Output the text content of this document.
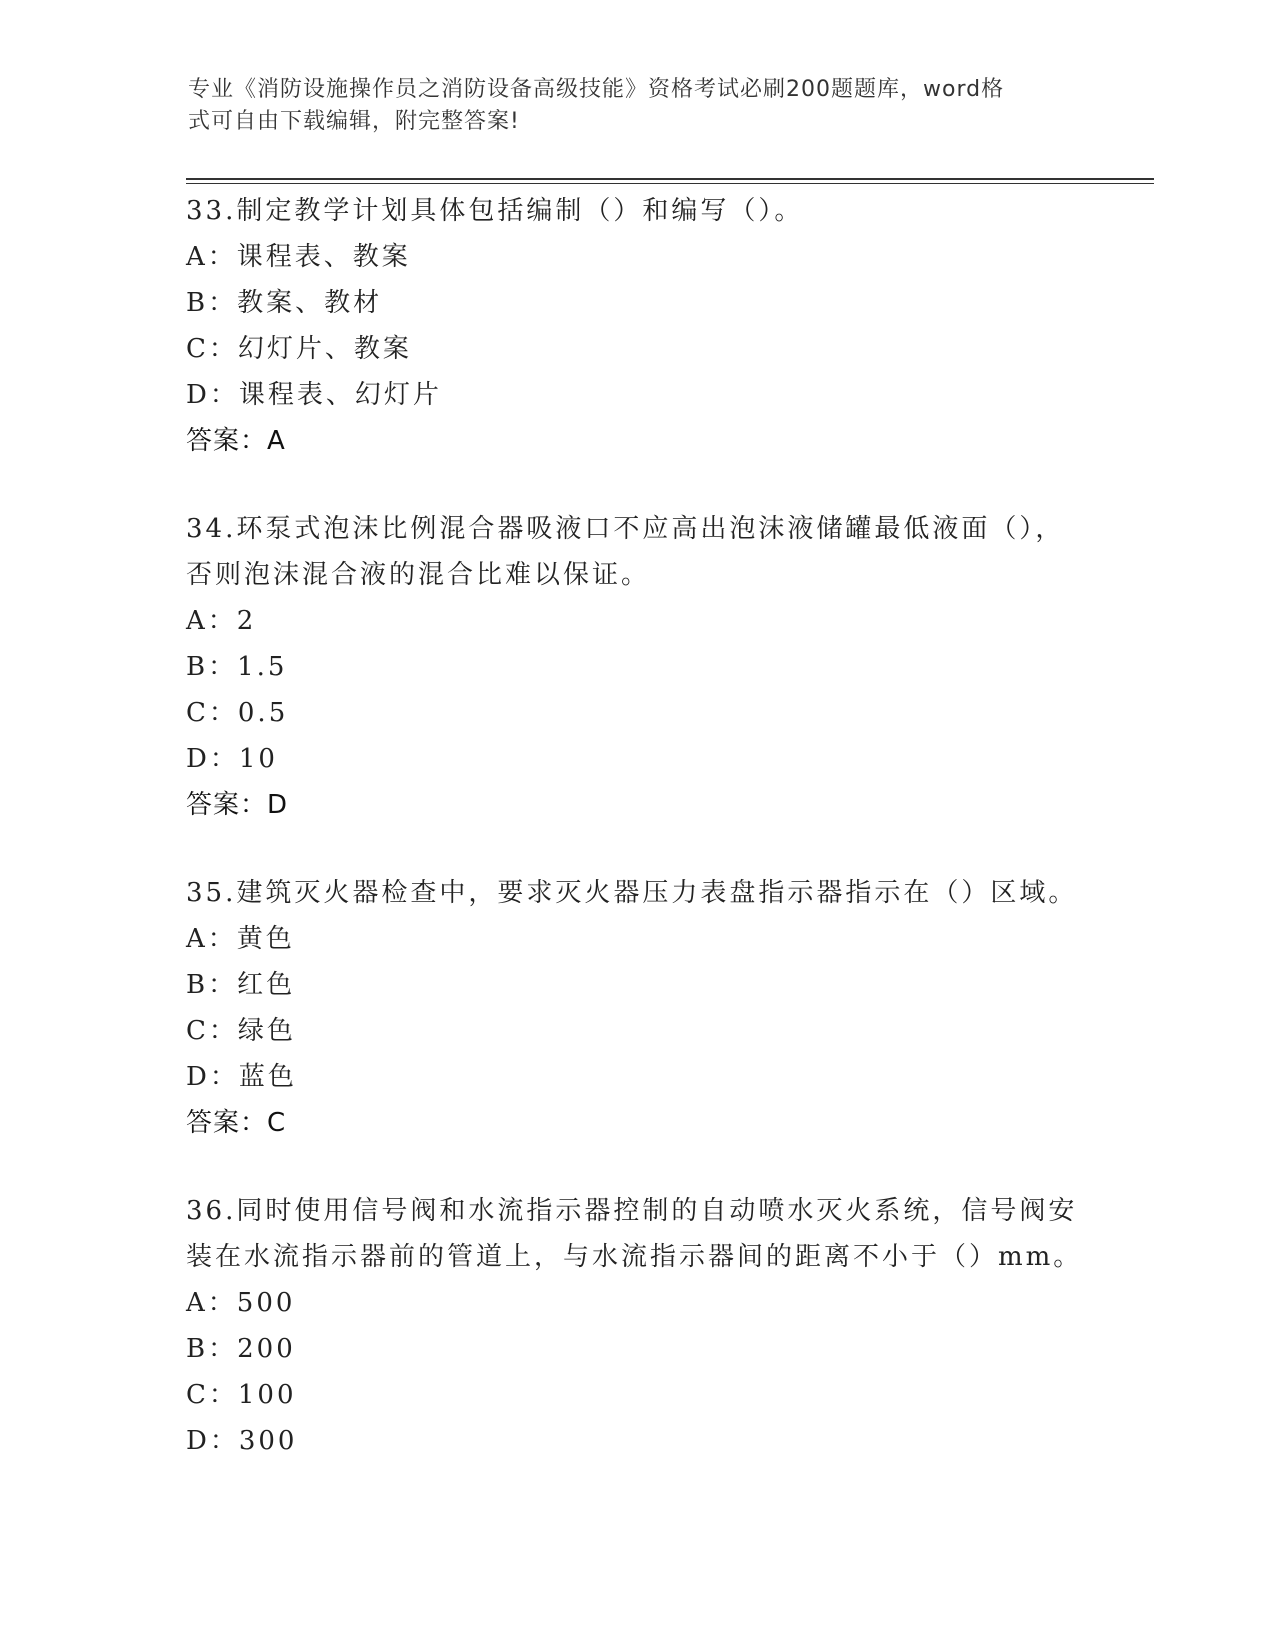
专业《消防设施操作员之消防设备高级技能》资格考试必刷200题题库，word格
式可自由下载编辑，附完整答案!
33.制定教学计划具体包括编制（）和编写（）。
A：课程表、教案
B：教案、教材
C：幻灯片、教案
D：课程表、幻灯片
答案：A
34.环泵式泡沫比例混合器吸液口不应高出泡沫液储罐最低液面（），否则泡沫混合液的混合比难以保证。
A：2
B：1.5
C：0.5
D：10
答案：D
35.建筑灭火器检查中，要求灭火器压力表盘指示器指示在（）区域。
A：黄色
B：红色
C：绿色
D：蓝色
答案：C
36.同时使用信号阀和水流指示器控制的自动喷水灭火系统，信号阀安装在水流指示器前的管道上，与水流指示器间的距离不小于（）mm。
A：500
B：200
C：100
D：300
